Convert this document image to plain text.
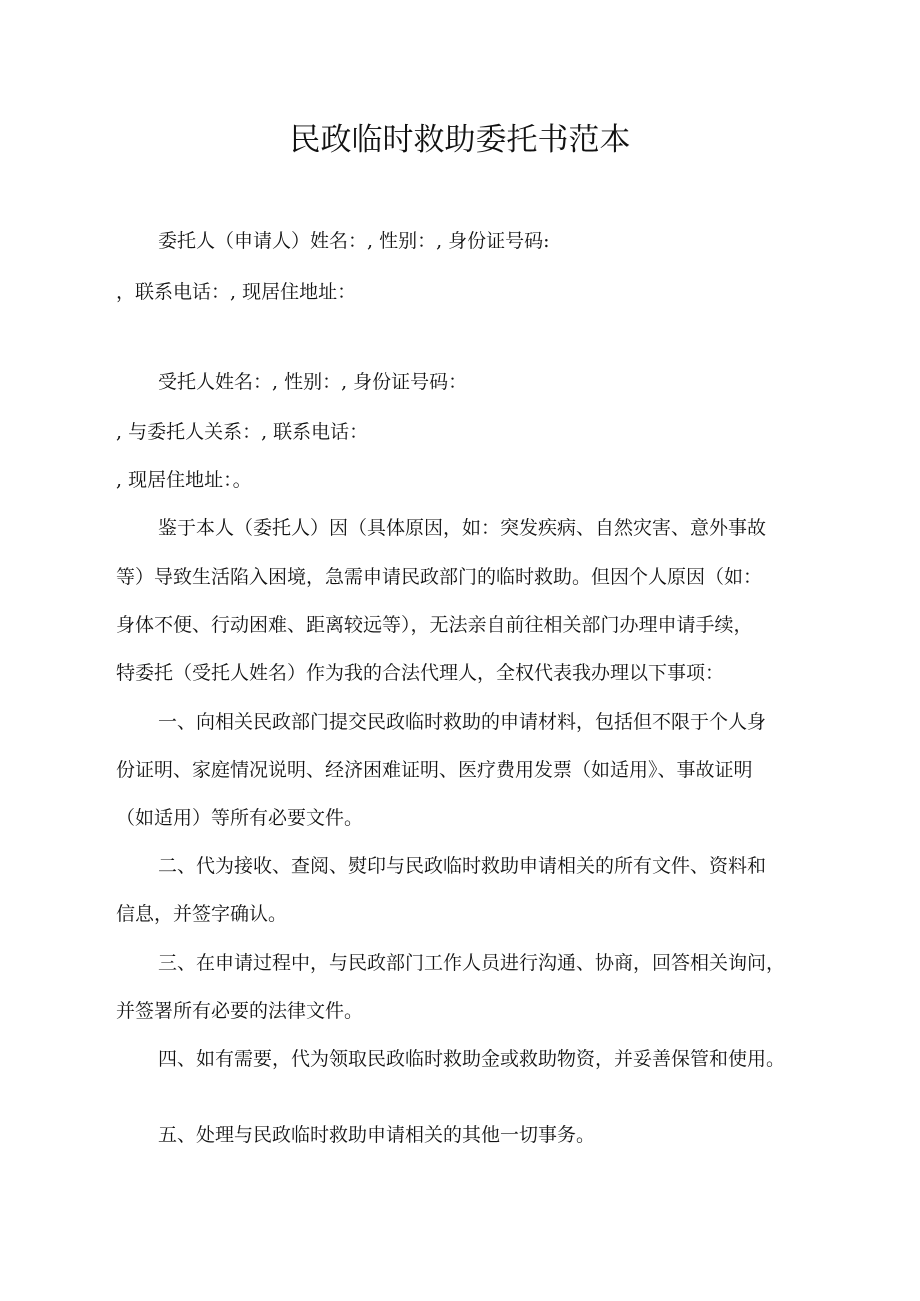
民政临时救助委托书范本

委托人（申请人）姓名：, 性别：, 身份证号码:

，联系电话：, 现居住地址：

受托人姓名：, 性别：, 身份证号码：

, 与委托人关系：, 联系电话：

, 现居住地址：。

鉴于本人（委托人）因（具体原因，如：突发疾病、自然灾害、意外事故

等）导致生活陷入困境，急需申请民政部门的临时救助。但因个人原因（如：

身体不便、行动困难、距离较远等），无法亲自前往相关部门办理申请手续，

特委托（受托人姓名）作为我的合法代理人，全权代表我办理以下事项：

一、向相关民政部门提交民政临时救助的申请材料，包括但不限于个人身

份证明、家庭情况说明、经济困难证明、医疗费用发票（如适用》、事故证明

（如适用）等所有必要文件。

二、代为接收、查阅、熨印与民政临时救助申请相关的所有文件、资料和

信息，并签字确认。

三、在申请过程中，与民政部门工作人员进行沟通、协商，回答相关询问，

并签署所有必要的法律文件。

四、如有需要，代为领取民政临时救助金或救助物资，并妥善保管和使用。

五、处理与民政临时救助申请相关的其他一切事务。
